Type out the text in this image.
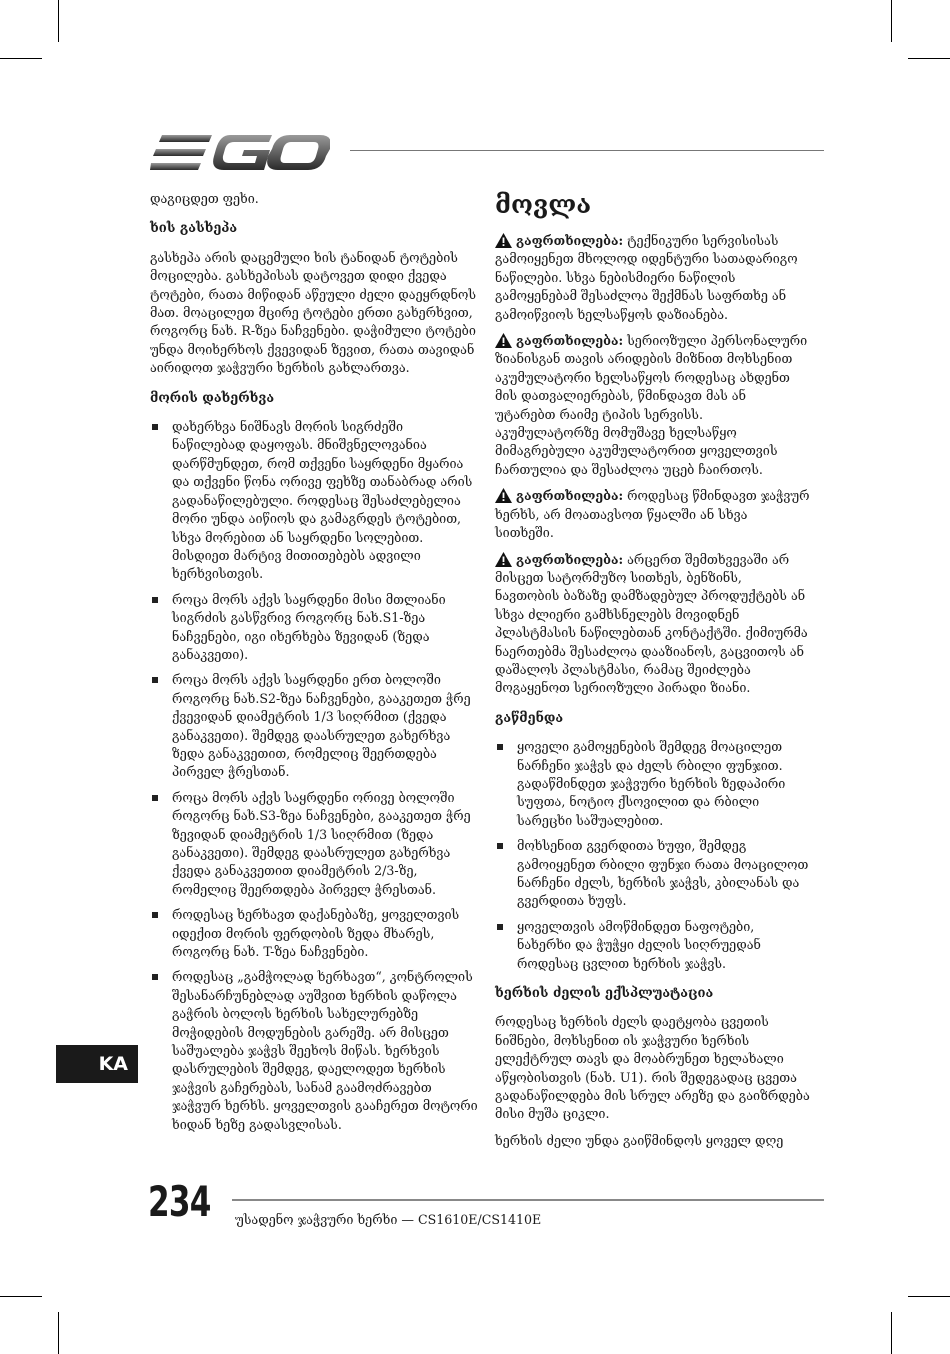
დაგიცდეთ ფეხი.

ხის გასხეპა

გასხეპა არის დაცემული ხის ტანიდან ტოტების მოცილება. გასხეპისას დატოვეთ დიდი ქვედა ტოტები, რათა მიწიდან აწეული ძელი დაეყრდნოს მათ. მოაცილეთ მცირე ტოტები ერთი გახერხვით, როგორც ნახ. R-ზეა ნაჩვენები. დაჭიმული ტოტები უნდა მოიხერხოს ქვევიდან ზევით, რათა თავიდან აირიდოთ ჯაჭვური ხერხის გახლართვა.

მორის დახერხვა
დახერხვა ნიშნავს მორის სიგრძეში ნაწილებად დაყოფას. მნიშვნელოვანია დარწმუნდეთ, რომ თქვენი საყრდენი მყარია და თქვენი წონა ორივე ფეხზე თანაბრად არის გადანაწილებული. როდესაც შესაძლებელია მორი უნდა აიწიოს და გამაგრდეს ტოტებით, სხვა მორებით ან საყრდენი სოლებით. მისდიეთ მარტივ მითითებებს ადვილი ხერხვისთვის.
როცა მორს აქვს საყრდენი მისი მთლიანი სიგრძის გასწვრივ როგორც ნახ.S1-ზეა ნაჩვენები, იგი იხერხება ზევიდან (ზედა განაკვეთი).
როცა მორს აქვს საყრდენი ერთ ბოლოში როგორც ნახ.S2-ზეა ნაჩვენები, გააკეთეთ ჭრე ქვევიდან დიამეტრის 1/3 სიღრმით (ქვედა განაკვეთი). შემდეგ დაასრულეთ გახერხვა ზედა განაკვეთით, რომელიც შეერთდება პირველ ჭრესთან.
როცა მორს აქვს საყრდენი ორივე ბოლოში როგორც ნახ.S3-ზეა ნაჩვენები, გააკეთეთ ჭრე ზევიდან დიამეტრის 1/3 სიღრმით (ზედა განაკვეთი). შემდეგ დაასრულეთ გახერხვა ქვედა განაკვეთით დიამეტრის 2/3-ზე, რომელიც შეერთდება პირველ ჭრესთან.
როდესაც ხერხავთ დაქანებაზე, ყოველთვის იდექით მორის ფერდობის ზედა მხარეს, როგორც ნახ. T-ზეა ნაჩვენები.
როდესაც „გამჭოლად ხერხავთ“, კონტროლის შესანარჩუნებლად აუშვით ხერხის დაწოლა გაჭრის ბოლოს ხერხის სახელურებზე მოჭიდების მოდუნების გარეშე. არ მისცეთ საშუალება ჯაჭვს შეეხოს მიწას. ხერხვის დასრულების შემდეგ, დაელოდეთ ხერხის ჯაჭვის გაჩერებას, სანამ გაამოძრავებთ ჯაჭვურ ხერხს. ყოველთვის გააჩერეთ მოტორი ხიდან ხეზე გადასვლისას.
მოვლა

გაფრთხილება: ტექნიკური სერვისისას გამოიყენეთ მხოლოდ იდენტური სათადარიგო ნაწილები. სხვა ნებისმიერი ნაწილის გამოყენებამ შესაძლოა შექმნას საფრთხე ან გამოიწვიოს ხელსაწყოს დაზიანება.

გაფრთხილება: სერიოზული პერსონალური ზიანისგან თავის არიდების მიზნით მოხსენით აკუმულატორი ხელსაწყოს როდესაც ახდენთ მის დათვალიერებას, წმინდავთ მას ან უტარებთ რაიმე ტიპის სერვისს. აკუმულატორზე მომუშავე ხელსაწყო მიმაგრებული აკუმულატორით ყოველთვის ჩართულია და შესაძლოა უცებ ჩაირთოს.

გაფრთხილება: როდესაც წმინდავთ ჯაჭვურ ხერხს, არ მოათავსოთ წყალში ან სხვა სითხეში.

გაფრთხილება: არცერთ შემთხვევაში არ მისცეთ სატორმუზო სითხეს, ბენზინს, ნავთობის ბაზაზე დამზადებულ პროდუქტებს ან სხვა ძლიერი გამხსნელებს მოვიდნენ პლასტმასის ნაწილებთან კონტაქტში. ქიმიურმა ნაერთებმა შესაძლოა დააზიანოს, გაცვითოს ან დაშალოს პლასტმასი, რამაც შეიძლება მოგაყენოთ სერიოზული პირადი ზიანი.

გაწმენდა
ყოველი გამოყენების შემდეგ მოაცილეთ ნარჩენი ჯაჭვს და ძელს რბილი ფუნჯით. გადაწმინდეთ ჯაჭვური ხერხის ზედაპირი სუფთა, ნოტიო ქსოვილით და რბილი სარეცხი საშუალებით.
მოხსენით გვერდითა ხუფი, შემდეგ გამოიყენეთ რბილი ფუნჯი რათა მოაცილოთ ნარჩენი ძელს, ხერხის ჯაჭვს, კბილანას და გვერდითა ხუფს.
ყოველთვის ამოწმინდეთ ნაფოტები, ნახერხი და ჭუჭყი ძელის სიღრუედან როდესაც ცვლით ხერხის ჯაჭვს.
ხერხის ძელის ექსპლუატაცია

როდესაც ხერხის ძელს დაეტყობა ცვეთის ნიშნები, მოხსენით ის ჯაჭვური ხერხის ელექტრულ თავს და მოაბრუნეთ ხელახალი აწყობისთვის (ნახ. U1). რის შედეგადაც ცვეთა გადანაწილდება მის სრულ არეზე და გაიზრდება მისი მუშა ციკლი.

ხერხის ძელი უნდა გაიწმინდოს ყოველ დღე

KA
234 უსადენო ჯაჭვური ხერხი — CS1610E/CS1410E
